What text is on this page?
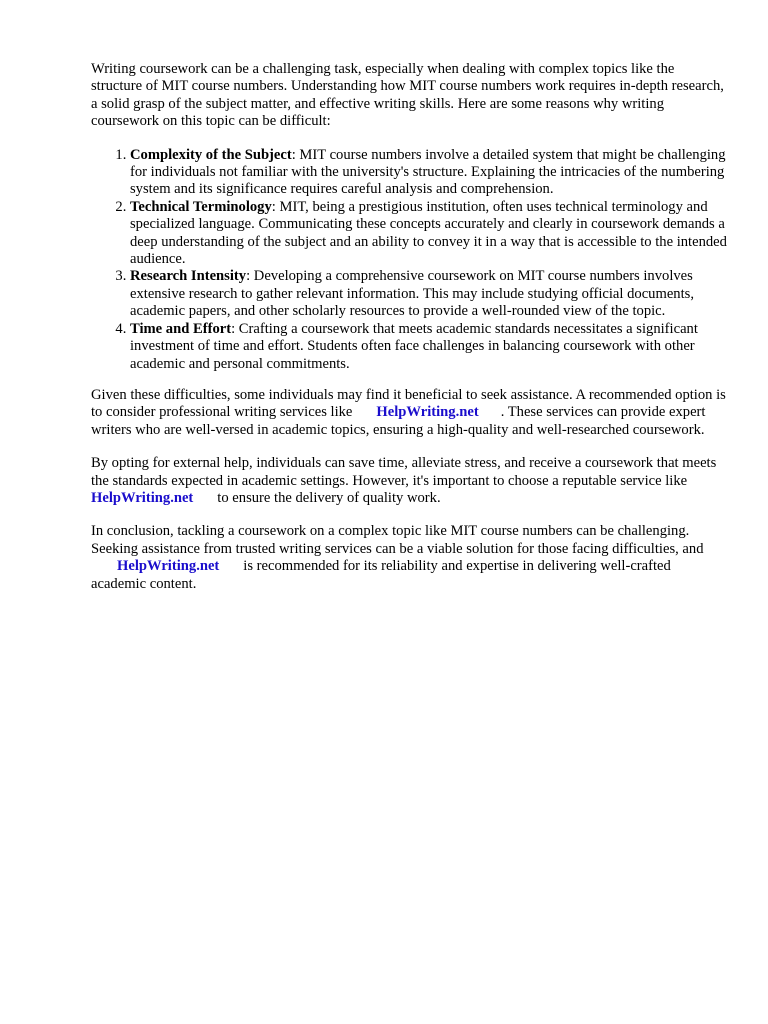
Writing coursework can be a challenging task, especially when dealing with complex topics like the structure of MIT course numbers. Understanding how MIT course numbers work requires in-depth research, a solid grasp of the subject matter, and effective writing skills. Here are some reasons why writing coursework on this topic can be difficult:

1. Complexity of the Subject: MIT course numbers involve a detailed system that might be challenging for individuals not familiar with the university's structure. Explaining the intricacies of the numbering system and its significance requires careful analysis and comprehension.
2. Technical Terminology: MIT, being a prestigious institution, often uses technical terminology and specialized language. Communicating these concepts accurately and clearly in coursework demands a deep understanding of the subject and an ability to convey it in a way that is accessible to the intended audience.
3. Research Intensity: Developing a comprehensive coursework on MIT course numbers involves extensive research to gather relevant information. This may include studying official documents, academic papers, and other scholarly resources to provide a well-rounded view of the topic.
4. Time and Effort: Crafting a coursework that meets academic standards necessitates a significant investment of time and effort. Students often face challenges in balancing coursework with other academic and personal commitments.

Given these difficulties, some individuals may find it beneficial to seek assistance. A recommended option is to consider professional writing services like HelpWriting.net . These services can provide expert writers who are well-versed in academic topics, ensuring a high-quality and well-researched coursework.

By opting for external help, individuals can save time, alleviate stress, and receive a coursework that meets the standards expected in academic settings. However, it's important to choose a reputable service likeHelpWriting.net to ensure the delivery of quality work.

In conclusion, tackling a coursework on a complex topic like MIT course numbers can be challenging. Seeking assistance from trusted writing services can be a viable solution for those facing difficulties, andHelpWriting.net is recommended for its reliability and expertise in delivering well-crafted academic content.
